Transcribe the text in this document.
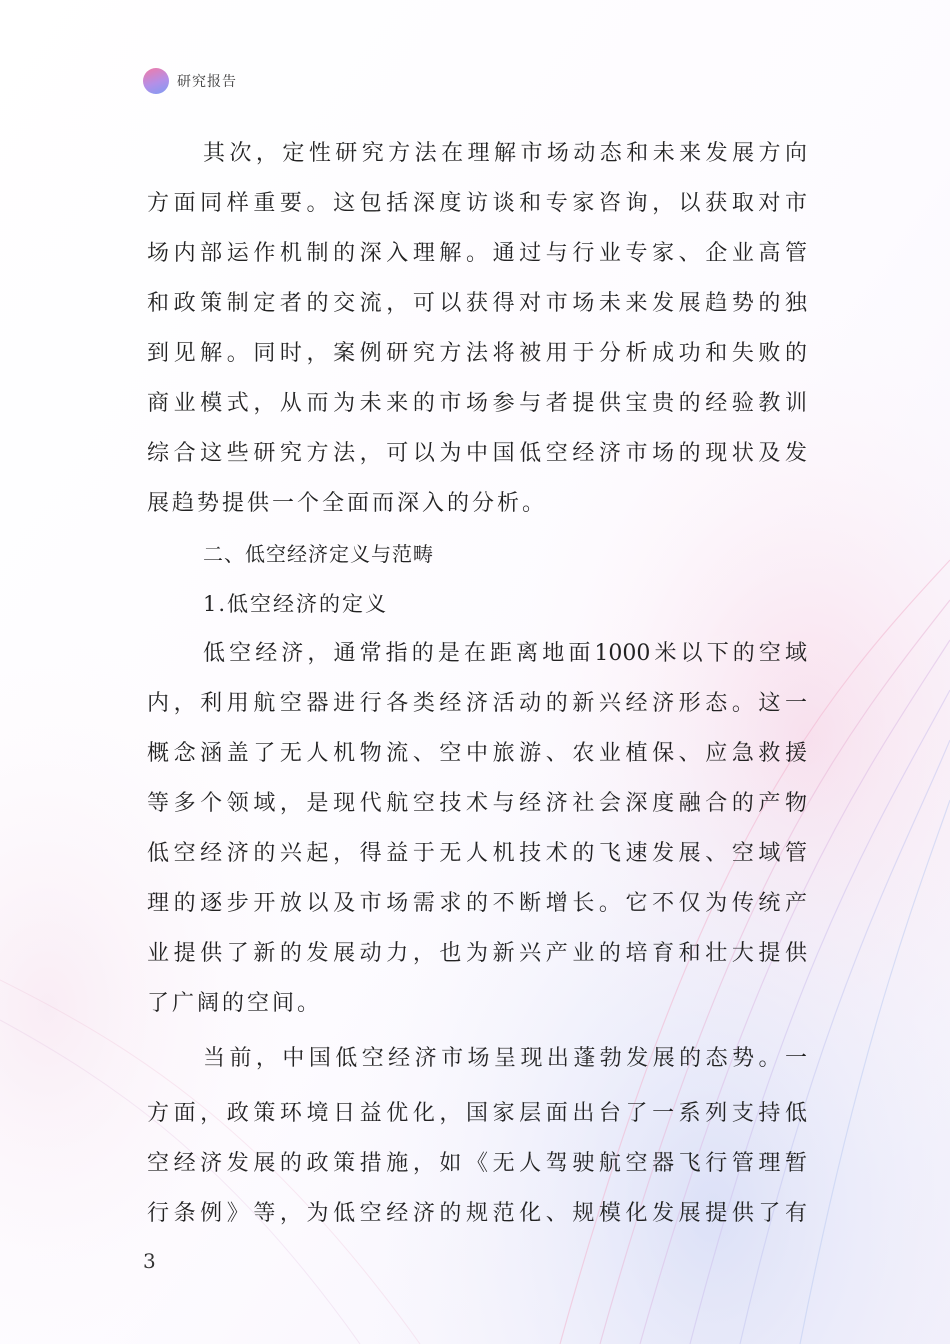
研究报告
其次，定性研究方法在理解市场动态和未来发展方向
方面同样重要。这包括深度访谈和专家咨询，以获取对市
场内部运作机制的深入理解。通过与行业专家、企业高管
和政策制定者的交流，可以获得对市场未来发展趋势的独
到见解。同时，案例研究方法将被用于分析成功和失败的
商业模式，从而为未来的市场参与者提供宝贵的经验教训
综合这些研究方法，可以为中国低空经济市场的现状及发
展趋势提供一个全面而深入的分析。
二、低空经济定义与范畴
1.低空经济的定义
低空经济，通常指的是在距离地面1000米以下的空域
内，利用航空器进行各类经济活动的新兴经济形态。这一
概念涵盖了无人机物流、空中旅游、农业植保、应急救援
等多个领域，是现代航空技术与经济社会深度融合的产物
低空经济的兴起，得益于无人机技术的飞速发展、空域管
理的逐步开放以及市场需求的不断增长。它不仅为传统产
业提供了新的发展动力，也为新兴产业的培育和壮大提供
了广阔的空间。
当前，中国低空经济市场呈现出蓬勃发展的态势。一
方面，政策环境日益优化，国家层面出台了一系列支持低
空经济发展的政策措施，如《无人驾驶航空器飞行管理暂
行条例》等，为低空经济的规范化、规模化发展提供了有
3
